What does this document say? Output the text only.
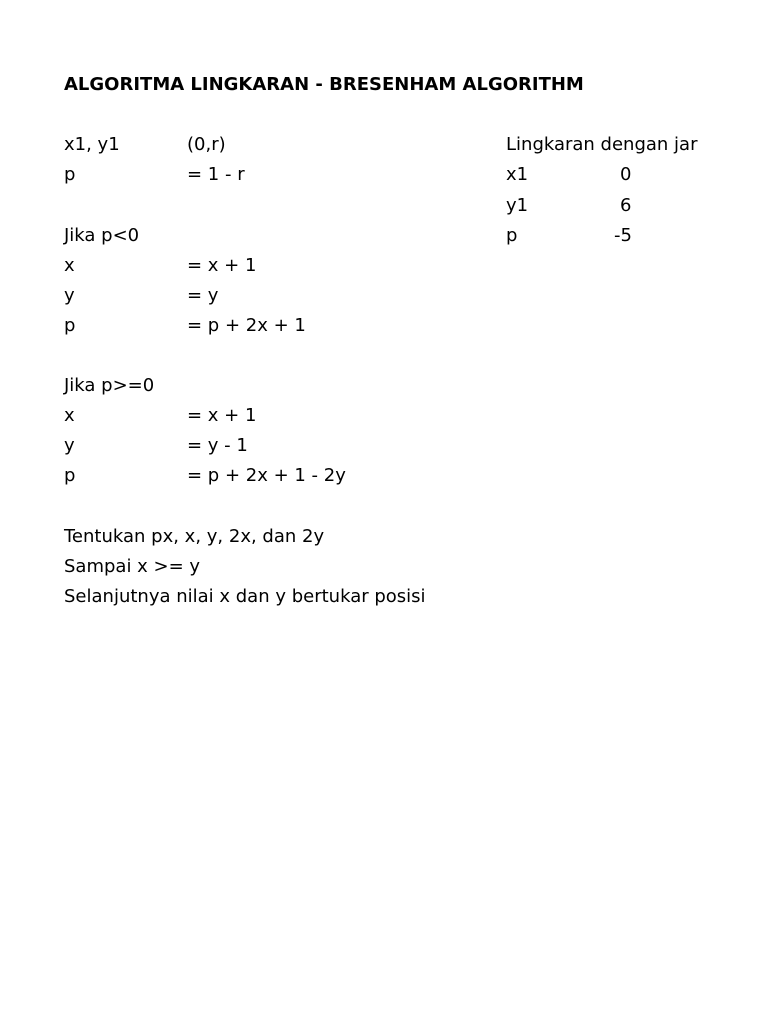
ALGORITMA LINGKARAN - BRESENHAM ALGORITHM
x1, y1	(0,r)
p	= 1 - r
Jika p<0
x	= x + 1
y	= y
p	= p + 2x + 1
Jika p>=0
x	= x + 1
y	= y - 1
p	= p + 2x + 1 - 2y
Tentukan px, x, y, 2x, dan 2y
Sampai x >= y
Selanjutnya nilai x dan y bertukar posisi
Lingkaran dengan jar
x1	0
y1	6
p	-5
